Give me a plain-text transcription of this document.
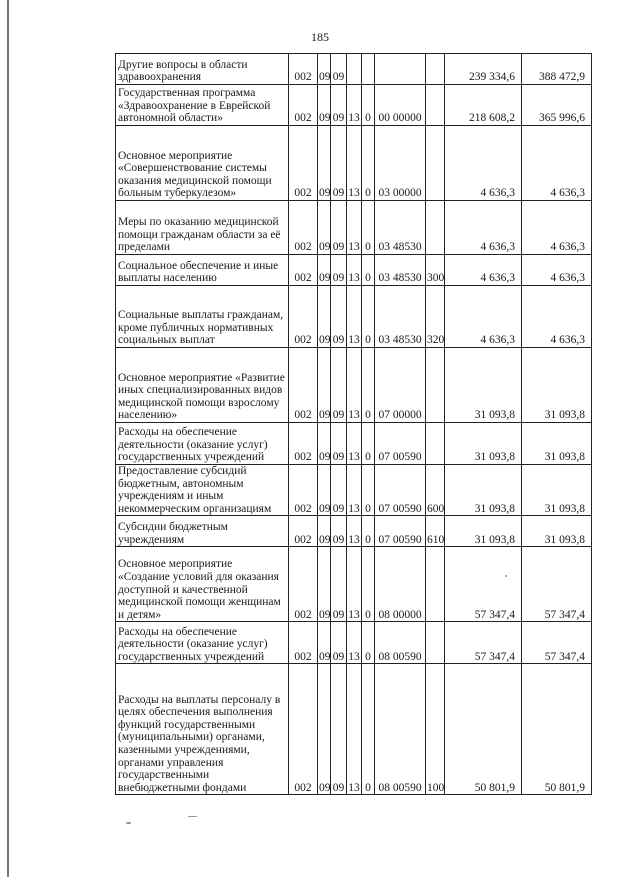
185
Другие вопросы в области здравоохранения	002	09	09					239 334,6	388 472,9
Государственная программа «Здравоохранение в Еврейской автономной области»	002	09	09	13	0	00 00000		218 608,2	365 996,6
Основное мероприятие «Совершенствование системы оказания медицинской помощи больным туберкулезом»	002	09	09	13	0	03 00000		4 636,3	4 636,3
Меры по оказанию медицинской помощи гражданам области за её пределами	002	09	09	13	0	03 48530		4 636,3	4 636,3
Социальное обеспечение и иные выплаты населению	002	09	09	13	0	03 48530	300	4 636,3	4 636,3
Социальные выплаты гражданам, кроме публичных нормативных социальных выплат	002	09	09	13	0	03 48530	320	4 636,3	4 636,3
Основное мероприятие «Развитие иных специализированных видов медицинской помощи взрослому населению»	002	09	09	13	0	07 00000		31 093,8	31 093,8
Расходы на обеспечение деятельности (оказание услуг) государственных учреждений	002	09	09	13	0	07 00590		31 093,8	31 093,8
Предоставление субсидий бюджетным, автономным учреждениям и иным некоммерческим организациям	002	09	09	13	0	07 00590	600	31 093,8	31 093,8
Субсидии бюджетным учреждениям	002	09	09	13	0	07 00590	610	31 093,8	31 093,8
Основное мероприятие «Создание условий для оказания доступной и качественной медицинской помощи женщинам и детям»	002	09	09	13	0	08 00000		57 347,4	57 347,4
Расходы на обеспечение деятельности (оказание услуг) государственных учреждений	002	09	09	13	0	08 00590		57 347,4	57 347,4
Расходы на выплаты персоналу в целях обеспечения выполнения функций государственными (муниципальными) органами, казенными учреждениями, органами управления государственными внебюджетными фондами	002	09	09	13	0	08 00590	100	50 801,9	50 801,9
